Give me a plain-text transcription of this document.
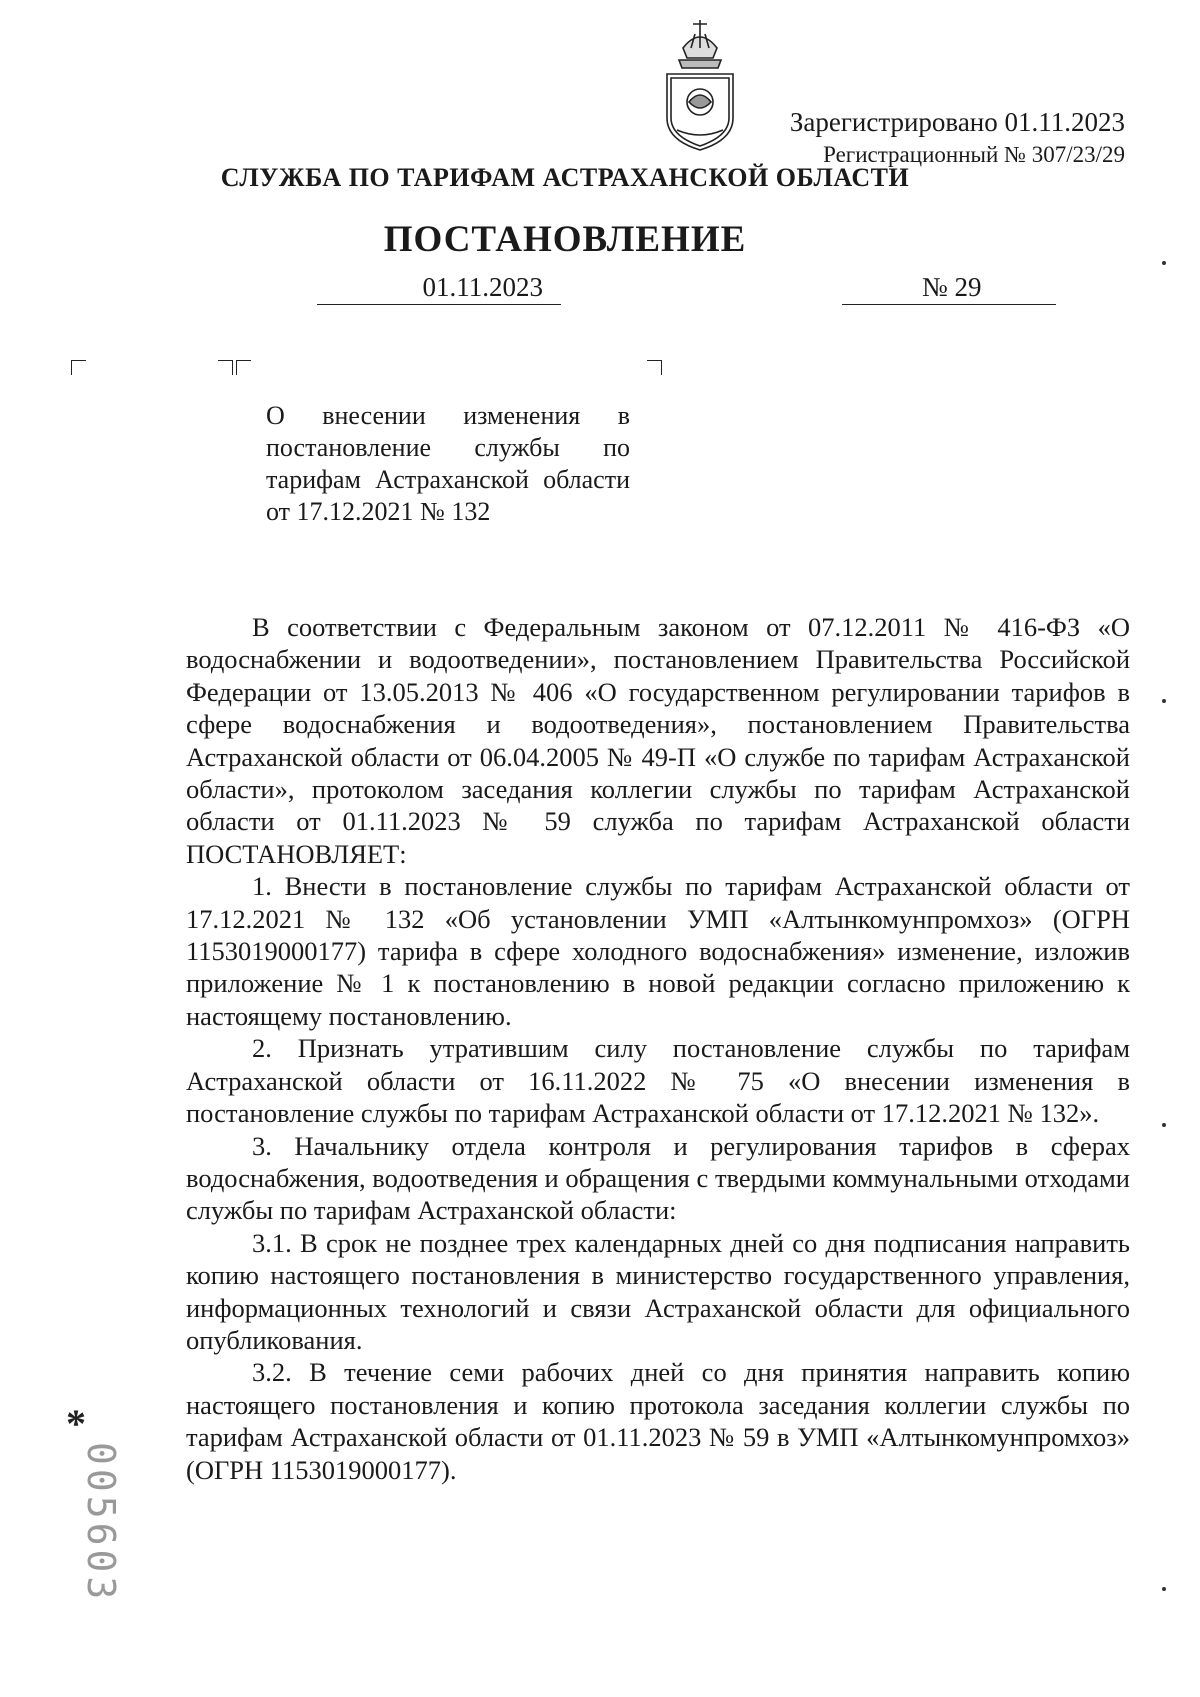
Зарегистрировано 01.11.2023
Регистрационный № 307/23/29
СЛУЖБА ПО ТАРИФАМ АСТРАХАНСКОЙ ОБЛАСТИ
ПОСТАНОВЛЕНИЕ
01.11.2023	№ 29
О внесении изменения в постановление службы по тарифам Астраханской области от 17.12.2021 № 132

В соответствии с Федеральным законом от 07.12.2011 № 416-ФЗ «О водоснабжении и водоотведении», постановлением Правительства Российской Федерации от 13.05.2013 № 406 «О государственном регулировании тарифов в сфере водоснабжения и водоотведения», постановлением Правительства Астраханской области от 06.04.2005 № 49-П «О службе по тарифам Астраханской области», протоколом заседания коллегии службы по тарифам Астраханской области от 01.11.2023 № 59 служба по тарифам Астраханской области ПОСТАНОВЛЯЕТ:

1. Внести в постановление службы по тарифам Астраханской области от 17.12.2021 № 132 «Об установлении УМП «Алтынкомунпромхоз» (ОГРН 1153019000177) тарифа в сфере холодного водоснабжения» изменение, изложив приложение № 1 к постановлению в новой редакции согласно приложению к настоящему постановлению.

2. Признать утратившим силу постановление службы по тарифам Астраханской области от 16.11.2022 № 75 «О внесении изменения в постановление службы по тарифам Астраханской области от 17.12.2021 № 132».

3. Начальнику отдела контроля и регулирования тарифов в сферах водоснабжения, водоотведения и обращения с твердыми коммунальными отходами службы по тарифам Астраханской области:

3.1. В срок не позднее трех календарных дней со дня подписания направить копию настоящего постановления в министерство государственного управления, информационных технологий и связи Астраханской области для официального опубликования.

3.2. В течение семи рабочих дней со дня принятия направить копию настоящего постановления и копию протокола заседания коллегии службы по тарифам Астраханской области от 01.11.2023 № 59 в УМП «Алтынкомунпромхоз» (ОГРН 1153019000177).

*
005603
